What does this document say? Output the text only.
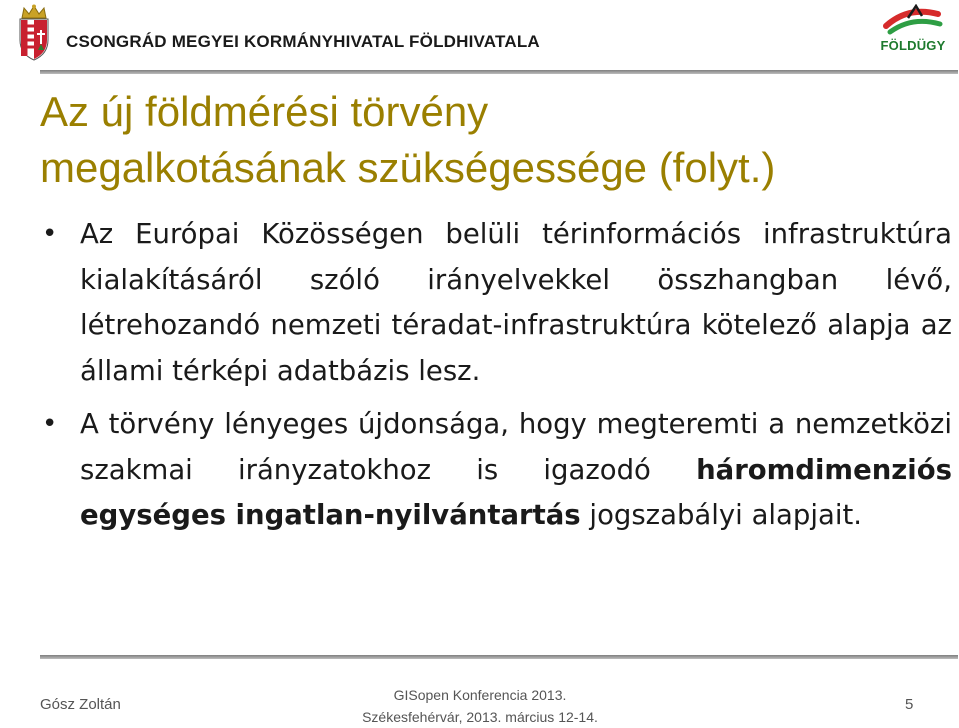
CSONGRÁD MEGYEI KORMÁNYHIVATAL FÖLDHIVATALA	FÖLDÜGY
Az új földmérési törvény
megalkotásának szükségessége (folyt.)

• Az Európai Közösségen belüli térinformációs infrastruktúra kialakításáról szóló irányelvekkel összhangban lévő, létrehozandó nemzeti téradat-infrastruktúra kötelező alapja az állami térképi adatbázis lesz.

• A törvény lényeges újdonsága, hogy megteremti a nemzetközi szakmai irányzatokhoz is igazodó háromdimenziós egységes ingatlan-nyilvántartás jogszabályi alapjait.

Gósz Zoltán
GISopen Konferencia 2013.
Székesfehérvár, 2013. március 12-14.
5
